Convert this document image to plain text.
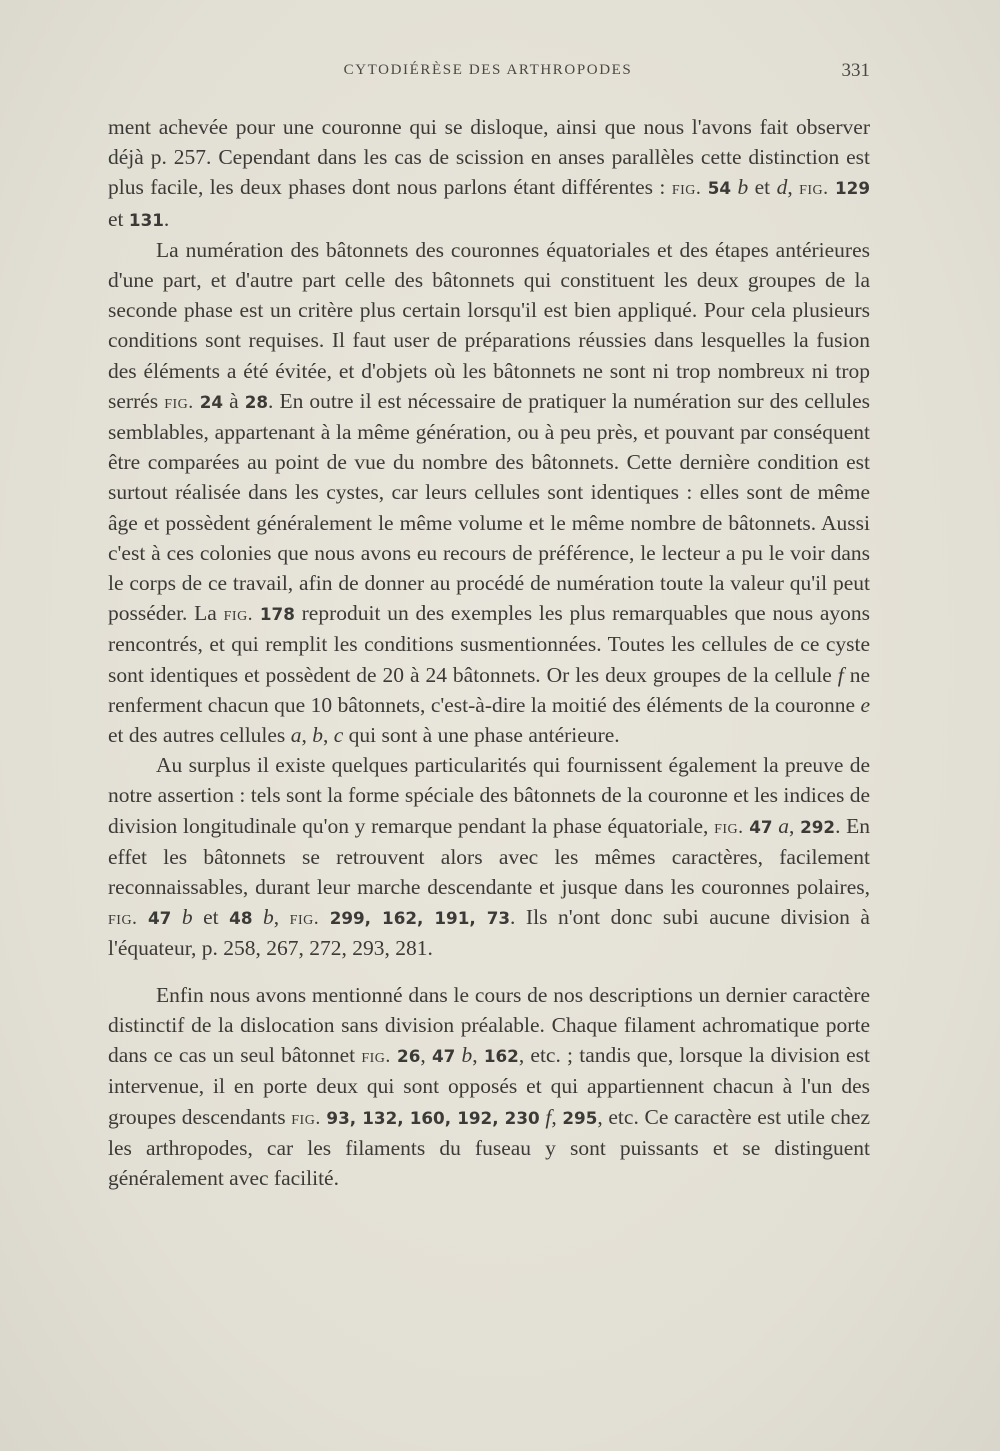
CYTODIÉRÈSE DES ARTHROPODES	331

ment achevée pour une couronne qui se disloque, ainsi que nous l'avons fait observer déjà p. 257. Cependant dans les cas de scission en anses parallèles cette distinction est plus facile, les deux phases dont nous parlons étant différentes : fig. 54 b et d, fig. 129 et 131.

La numération des bâtonnets des couronnes équatoriales et des étapes antérieures d'une part, et d'autre part celle des bâtonnets qui constituent les deux groupes de la seconde phase est un critère plus certain lorsqu'il est bien appliqué. Pour cela plusieurs conditions sont requises. Il faut user de préparations réussies dans lesquelles la fusion des éléments a été évitée, et d'objets où les bâtonnets ne sont ni trop nombreux ni trop serrés fig. 24 à 28. En outre il est nécessaire de pratiquer la numération sur des cellules semblables, appartenant à la même génération, ou à peu près, et pouvant par conséquent être comparées au point de vue du nombre des bâtonnets. Cette dernière condition est surtout réalisée dans les cystes, car leurs cellules sont identiques : elles sont de même âge et possèdent généralement le même volume et le même nombre de bâtonnets. Aussi c'est à ces colonies que nous avons eu recours de préférence, le lecteur a pu le voir dans le corps de ce travail, afin de donner au procédé de numération toute la valeur qu'il peut posséder. La fig. 178 reproduit un des exemples les plus remarquables que nous ayons rencontrés, et qui remplit les conditions susmentionnées. Toutes les cellules de ce cyste sont identiques et possèdent de 20 à 24 bâtonnets. Or les deux groupes de la cellule f ne renferment chacun que 10 bâtonnets, c'est-à-dire la moitié des éléments de la couronne e et des autres cellules a, b, c qui sont à une phase antérieure.

Au surplus il existe quelques particularités qui fournissent également la preuve de notre assertion : tels sont la forme spéciale des bâtonnets de la couronne et les indices de division longitudinale qu'on y remarque pendant la phase équatoriale, fig. 47 a, 292. En effet les bâtonnets se retrouvent alors avec les mêmes caractères, facilement reconnaissables, durant leur marche descendante et jusque dans les couronnes polaires, fig. 47 b et 48 b, fig. 299, 162, 191, 73. Ils n'ont donc subi aucune division à l'équateur, p. 258, 267, 272, 293, 281.

Enfin nous avons mentionné dans le cours de nos descriptions un dernier caractère distinctif de la dislocation sans division préalable. Chaque filament achromatique porte dans ce cas un seul bâtonnet fig. 26, 47 b, 162, etc. ; tandis que, lorsque la division est intervenue, il en porte deux qui sont opposés et qui appartiennent chacun à l'un des groupes descendants fig. 93, 132, 160, 192, 230 f, 295, etc. Ce caractère est utile chez les arthropodes, car les filaments du fuseau y sont puissants et se distinguent généralement avec facilité.
